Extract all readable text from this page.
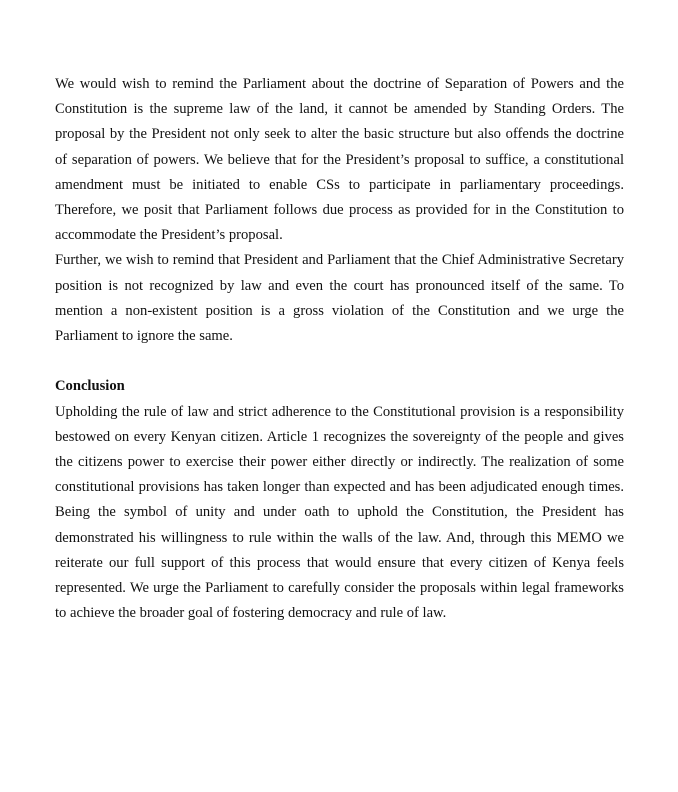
We would wish to remind the Parliament about the doctrine of Separation of Powers and the Constitution is the supreme law of the land, it cannot be amended by Standing Orders. The proposal by the President not only seek to alter the basic structure but also offends the doctrine of separation of powers. We believe that for the President’s proposal to suffice, a constitutional amendment must be initiated to enable CSs to participate in parliamentary proceedings. Therefore, we posit that Parliament follows due process as provided for in the Constitution to accommodate the President’s proposal.

Further, we wish to remind that President and Parliament that the Chief Administrative Secretary position is not recognized by law and even the court has pronounced itself of the same. To mention a non-existent position is a gross violation of the Constitution and we urge the Parliament to ignore the same.

Conclusion

Upholding the rule of law and strict adherence to the Constitutional provision is a responsibility bestowed on every Kenyan citizen. Article 1 recognizes the sovereignty of the people and gives the citizens power to exercise their power either directly or indirectly. The realization of some constitutional provisions has taken longer than expected and has been adjudicated enough times. Being the symbol of unity and under oath to uphold the Constitution, the President has demonstrated his willingness to rule within the walls of the law. And, through this MEMO we reiterate our full support of this process that would ensure that every citizen of Kenya feels represented. We urge the Parliament to carefully consider the proposals within legal frameworks to achieve the broader goal of fostering democracy and rule of law.
